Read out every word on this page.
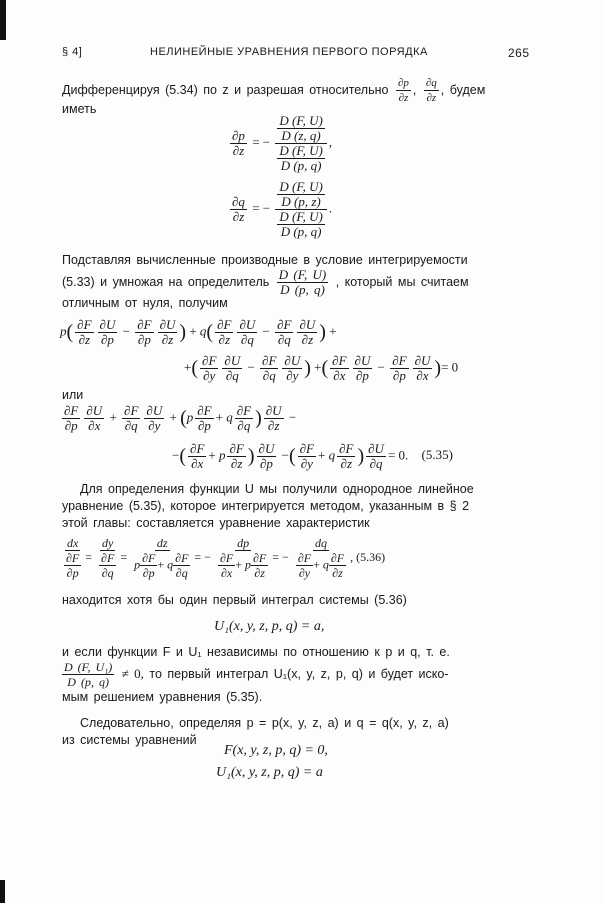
§ 4]	НЕЛИНЕЙНЫЕ УРАВНЕНИЯ ПЕРВОГО ПОРЯДКА	265
Дифференцируя (5.34) по z и разрешая относительно $\frac{\partial p}{\partial z}$ , $\frac{\partial q}{\partial z}$ , будем
иметь
$\frac{\partial p}{\partial z}$ = − $\frac{\frac{D (F, U)}{D (z, q)}}{\frac{D (F, U)}{D (p, q)}}$ ,
$\frac{\partial q}{\partial z}$ = − $\frac{\frac{D (F, U)}{D (p, z)}}{\frac{D (F, U)}{D (p, q)}}$ .
Подставляя вычисленные производные в условие интегрируемости
(5.33) и умножая на определитель $\frac{D (F, U)}{D (p, q)}$ , который мы считаем
отличным от нуля, получим
$p( \frac{\partial F}{\partial z} \frac{\partial U}{\partial p} - \frac{\partial F}{\partial p} \frac{\partial U}{\partial z}$ ) + $q( \frac{\partial F}{\partial z} \frac{\partial U}{\partial q} - \frac{\partial F}{\partial q} \frac{\partial U}{\partial z}$ ) +
+( $\frac{\partial F}{\partial y} \frac{\partial U}{\partial q} - \frac{\partial F}{\partial q} \frac{\partial U}{\partial y}$ ) +( $\frac{\partial F}{\partial x} \frac{\partial U}{\partial p} - \frac{\partial F}{\partial p} \frac{\partial U}{\partial x}$ )= 0
или
$\frac{\partial F}{\partial p} \frac{\partial U}{\partial x} + \frac{\partial F}{\partial q} \frac{\partial U}{\partial y} + (p \frac{\partial F}{\partial p} + q \frac{\partial F}{\partial q}$ ) $\frac{\partial U}{\partial z}$ −
−( $\frac{\partial F}{\partial x} + p \frac{\partial F}{\partial z}$ ) $\frac{\partial U}{\partial p}$ −( $\frac{\partial F}{\partial y} + q \frac{\partial F}{\partial z}$ ) $\frac{\partial U}{\partial q} = 0$. (5.35)
Для определения функции U мы получили однородное линейное
уравнение (5.35), которое интегрируется методом, указанным в § 2
этой главы: составляется уравнение характеристик
$\frac{dx}{\frac{\partial F}{\partial p}} = \frac{dy}{\frac{\partial F}{\partial q}} = \frac{dz}{p \frac{\partial F}{\partial p} + q \frac{\partial F}{\partial q}}$ = − $\frac{dp}{\frac{\partial F}{\partial x} + p \frac{\partial F}{\partial z}}$ = − $\frac{dq}{\frac{\partial F}{\partial y} + q \frac{\partial F}{\partial z}}$ , (5.36)
находится хотя бы один первый интеграл системы (5.36)
U₁(x, y, z, p, q) = a,
и если функции F и U₁ независимы по отношению к p и q, т. е.
$\frac{\text{D (F, U₁)}}{D (p, q)} \ne 0$, то первый интеграл U₁(x, y, z, p, q) и будет иско-
мым решением уравнения (5.35).
Следовательно, определяя p = p(x, y, z, a) и q = q(x, y, z, a)
из системы уравнений
F(x, y, z, p, q) = 0,
U₁(x, y, z, p, q) = a
